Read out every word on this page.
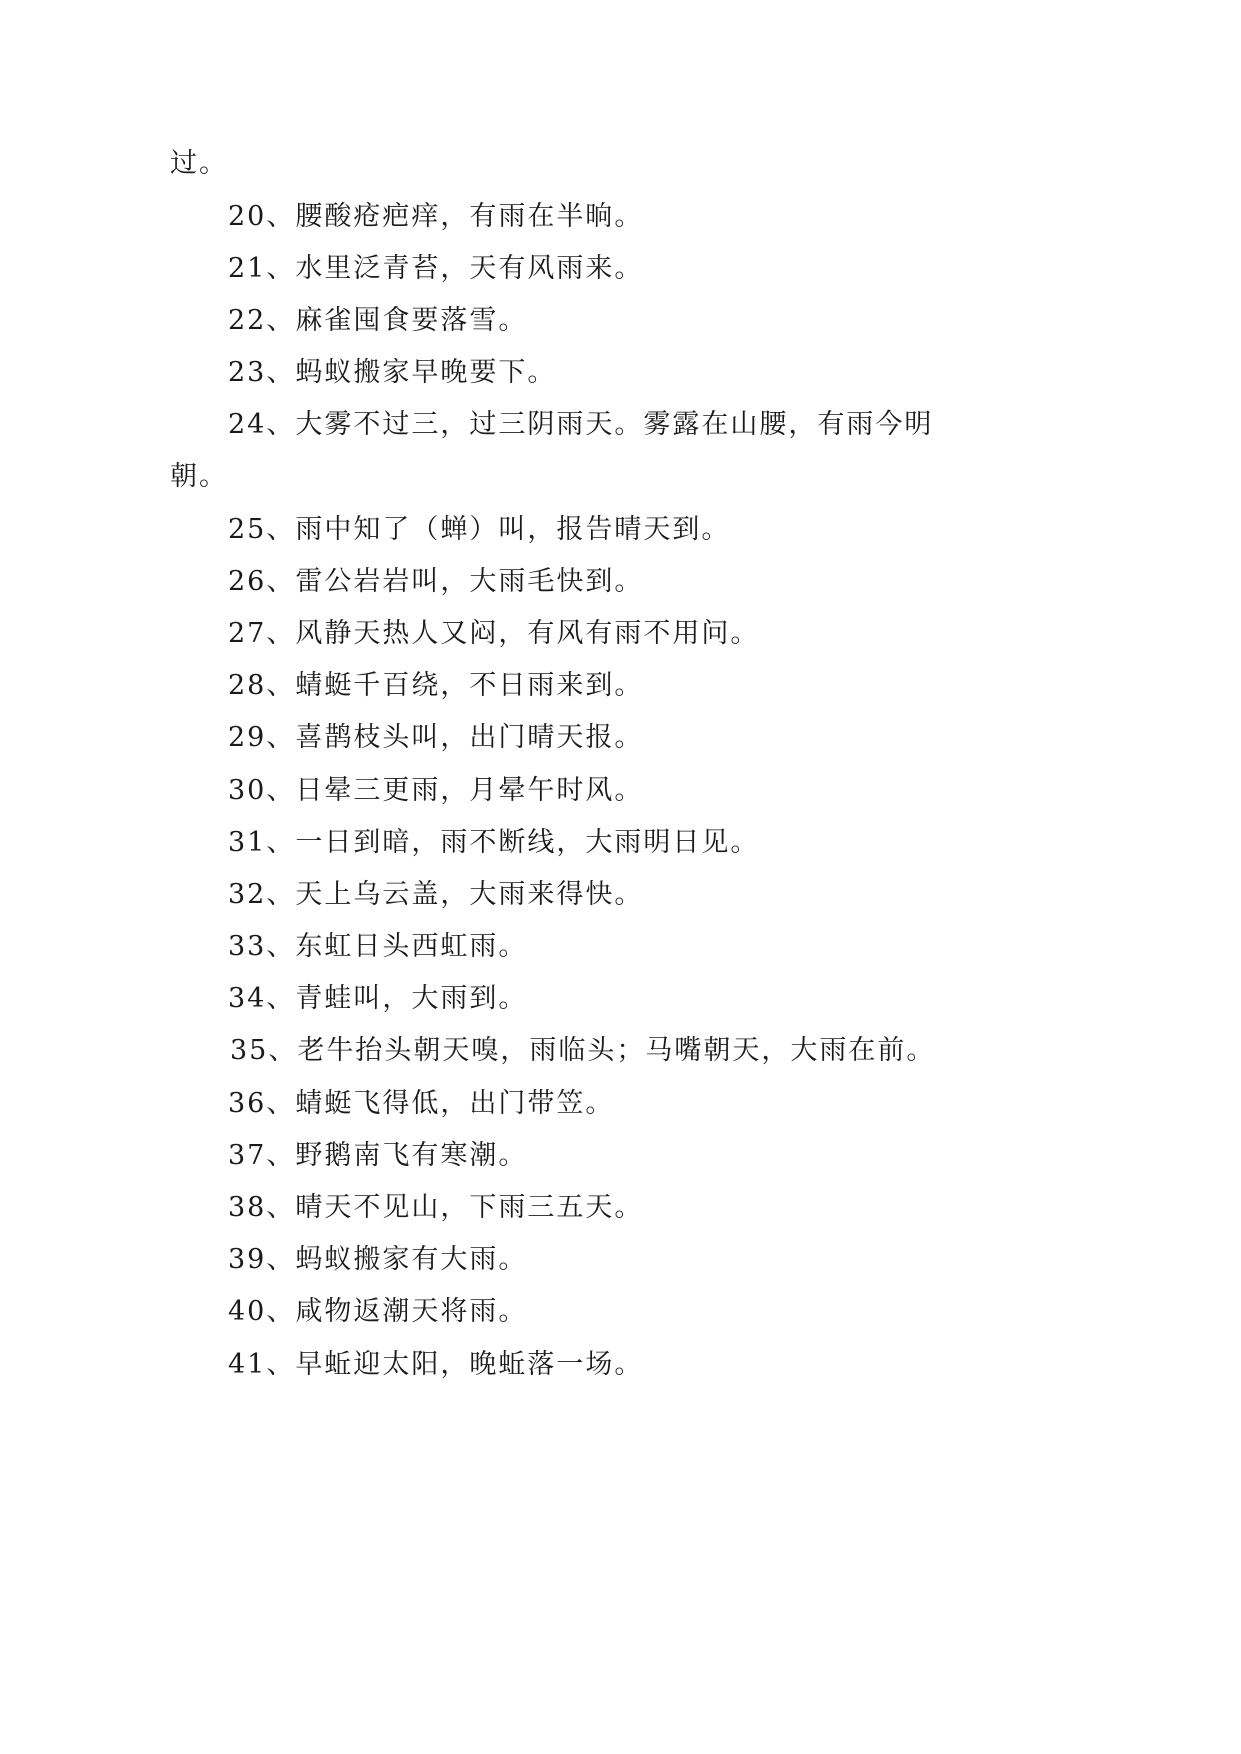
过。
20、腰酸疮疤痒，有雨在半晌。
21、水里泛青苔，天有风雨来。
22、麻雀囤食要落雪。
23、蚂蚁搬家早晚要下。
24、大雾不过三，过三阴雨天。雾露在山腰，有雨今明
朝。
25、雨中知了（蝉）叫，报告晴天到。
26、雷公岩岩叫，大雨毛快到。
27、风静天热人又闷，有风有雨不用问。
28、蜻蜓千百绕，不日雨来到。
29、喜鹊枝头叫，出门晴天报。
30、日晕三更雨，月晕午时风。
31、一日到暗，雨不断线，大雨明日见。
32、天上乌云盖，大雨来得快。
33、东虹日头西虹雨。
34、青蛙叫，大雨到。
35、老牛抬头朝天嗅，雨临头；马嘴朝天，大雨在前。
36、蜻蜓飞得低，出门带笠。
37、野鹅南飞有寒潮。
38、晴天不见山，下雨三五天。
39、蚂蚁搬家有大雨。
40、咸物返潮天将雨。
41、早蚯迎太阳，晚蚯落一场。
